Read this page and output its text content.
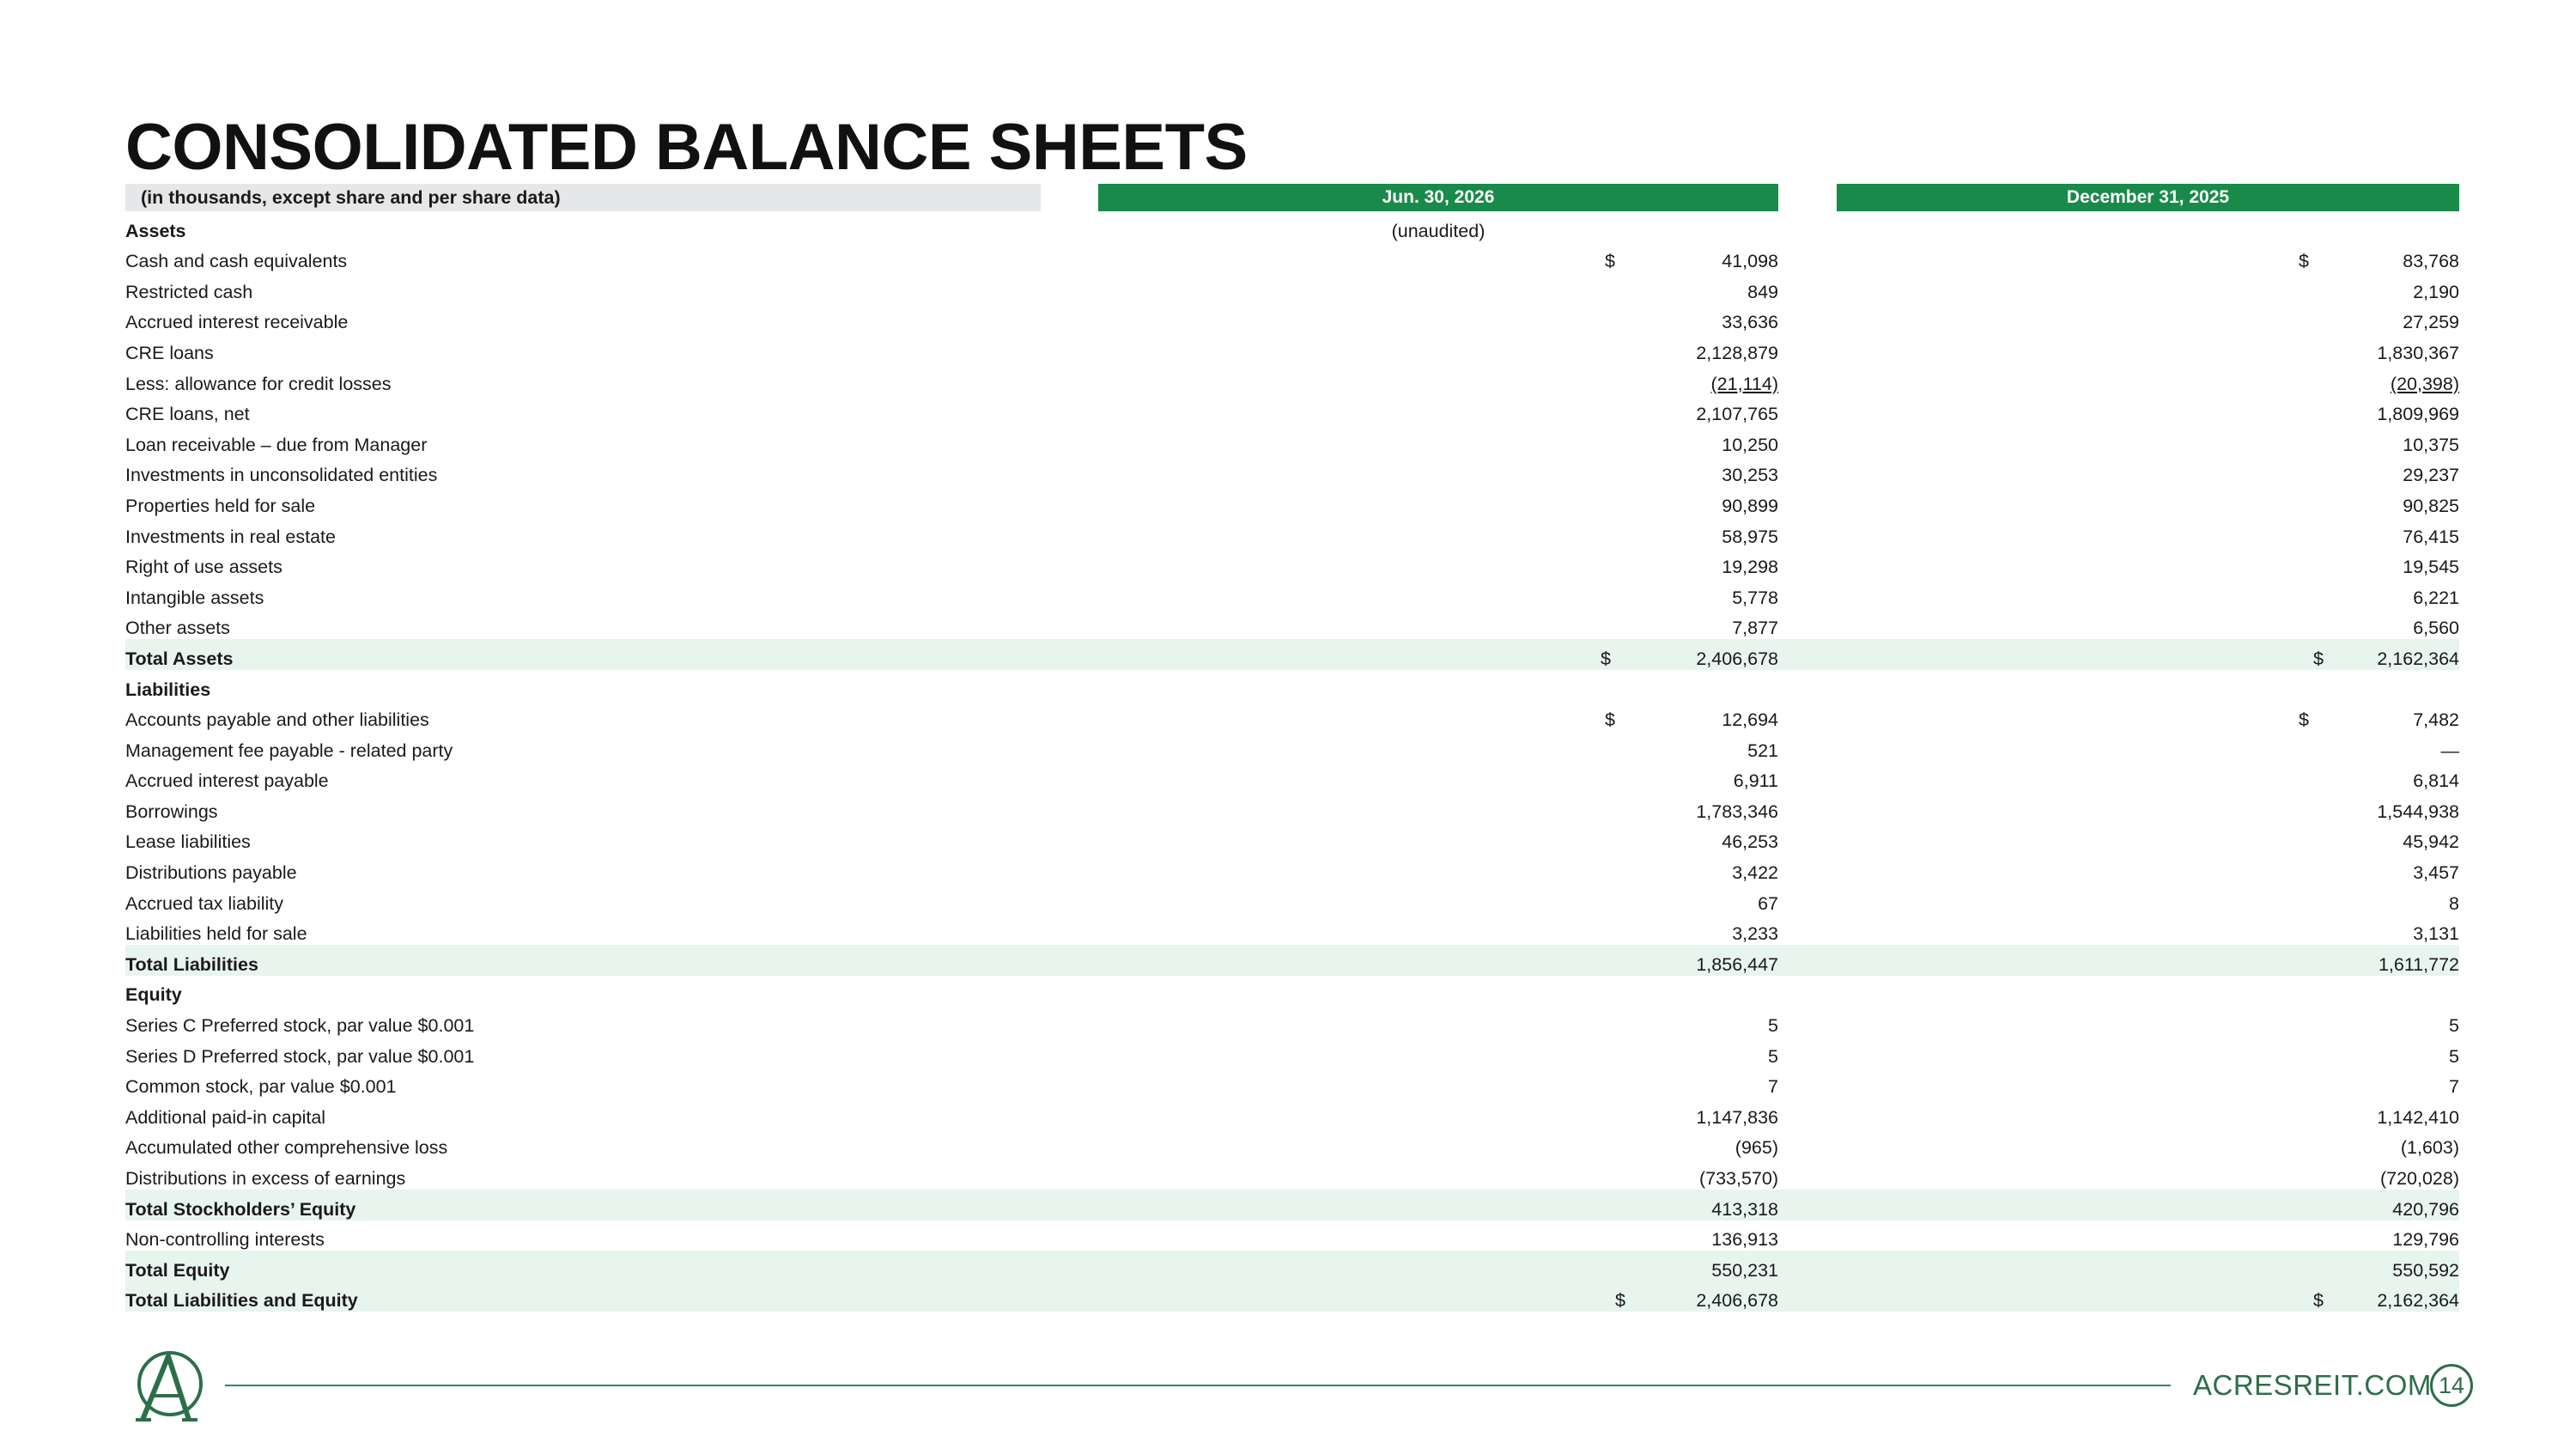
CONSOLIDATED BALANCE SHEETS
(in thousands, except share and per share data)		Jun. 30, 2026		December 31, 2025
Assets		(unaudited)		
Cash and cash equivalents		$ 41,098		$ 83,768
Restricted cash		849		2,190
Accrued interest receivable		33,636		27,259
CRE loans		2,128,879		1,830,367
Less: allowance for credit losses		(21,114)		(20,398)
CRE loans, net		2,107,765		1,809,969
Loan receivable – due from Manager		10,250		10,375
Investments in unconsolidated entities		30,253		29,237
Properties held for sale		90,899		90,825
Investments in real estate		58,975		76,415
Right of use assets		19,298		19,545
Intangible assets		5,778		6,221
Other assets		7,877		6,560
Total Assets		$ 2,406,678		$ 2,162,364
Liabilities				
Accounts payable and other liabilities		$ 12,694		$ 7,482
Management fee payable - related party		521		—
Accrued interest payable		6,911		6,814
Borrowings		1,783,346		1,544,938
Lease liabilities		46,253		45,942
Distributions payable		3,422		3,457
Accrued tax liability		67		8
Liabilities held for sale		3,233		3,131
Total Liabilities		1,856,447		1,611,772
Equity				
Series C Preferred stock, par value $0.001		5		5
Series D Preferred stock, par value $0.001		5		5
Common stock, par value $0.001		7		7
Additional paid-in capital		1,147,836		1,142,410
Accumulated other comprehensive loss		(965)		(1,603)
Distributions in excess of earnings		(733,570)		(720,028)
Total Stockholders’ Equity		413,318		420,796
Non-controlling interests		136,913		129,796
Total Equity		550,231		550,592
Total Liabilities and Equity		$ 2,406,678		$ 2,162,364
ACRESREIT.COM 14
